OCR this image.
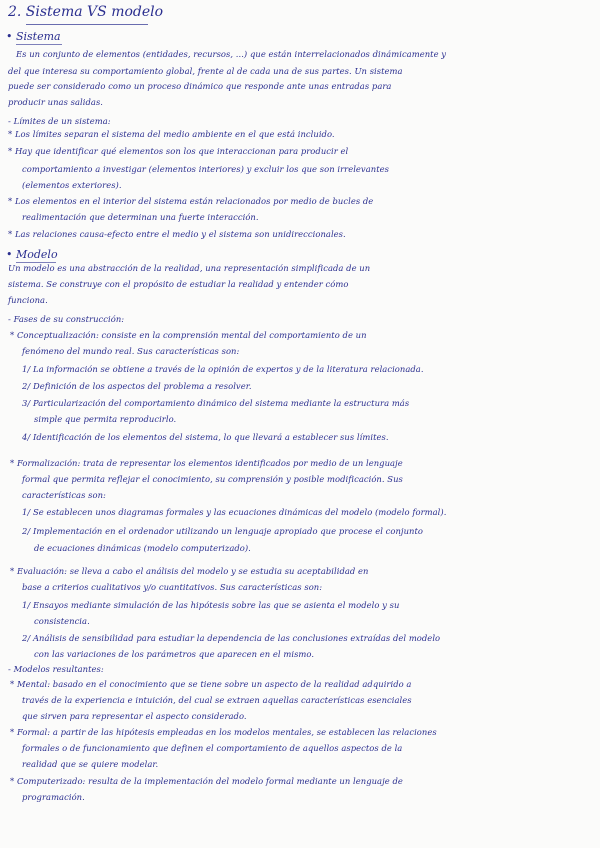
2. Sistema VS modelo
• Sistema
Es un conjunto de elementos (entidades, recursos, ...) que están interrelacionados dinámicamente y
del que interesa su comportamiento global, frente al de cada una de sus partes. Un sistema
puede ser considerado como un proceso dinámico que responde ante unas entradas para
producir unas salidas.
- Límites de un sistema:
* Los límites separan el sistema del medio ambiente en el que está incluido.
* Hay que identificar qué elementos son los que interaccionan para producir el
comportamiento a investigar (elementos interiores) y excluir los que son irrelevantes
(elementos exteriores).
* Los elementos en el interior del sistema están relacionados por medio de bucles de
realimentación que determinan una fuerte interacción.
* Las relaciones causa-efecto entre el medio y el sistema son unidireccionales.
• Modelo
Un modelo es una abstracción de la realidad, una representación simplificada de un
sistema. Se construye con el propósito de estudiar la realidad y entender cómo
funciona.
- Fases de su construcción:
* Conceptualización: consiste en la comprensión mental del comportamiento de un
fenómeno del mundo real. Sus características son:
1/ La información se obtiene a través de la opinión de expertos y de la literatura relacionada.
2/ Definición de los aspectos del problema a resolver.
3/ Particularización del comportamiento dinámico del sistema mediante la estructura más
simple que permita reproducirlo.
4/ Identificación de los elementos del sistema, lo que llevará a establecer sus límites.
* Formalización: trata de representar los elementos identificados por medio de un lenguaje
formal que permita reflejar el conocimiento, su comprensión y posible modificación. Sus
características son:
1/ Se establecen unos diagramas formales y las ecuaciones dinámicas del modelo (modelo formal).
2/ Implementación en el ordenador utilizando un lenguaje apropiado que procese el conjunto
de ecuaciones dinámicas (modelo computerizado).
* Evaluación: se lleva a cabo el análisis del modelo y se estudia su aceptabilidad en
base a criterios cualitativos y/o cuantitativos. Sus características son:
1/ Ensayos mediante simulación de las hipótesis sobre las que se asienta el modelo y su
consistencia.
2/ Análisis de sensibilidad para estudiar la dependencia de las conclusiones extraídas del modelo
con las variaciones de los parámetros que aparecen en el mismo.
- Modelos resultantes:
* Mental: basado en el conocimiento que se tiene sobre un aspecto de la realidad adquirido a
través de la experiencia e intuición, del cual se extraen aquellas características esenciales
que sirven para representar el aspecto considerado.
* Formal: a partir de las hipótesis empleadas en los modelos mentales, se establecen las relaciones
formales o de funcionamiento que definen el comportamiento de aquellos aspectos de la
realidad que se quiere modelar.
* Computerizado: resulta de la implementación del modelo formal mediante un lenguaje de
programación.
